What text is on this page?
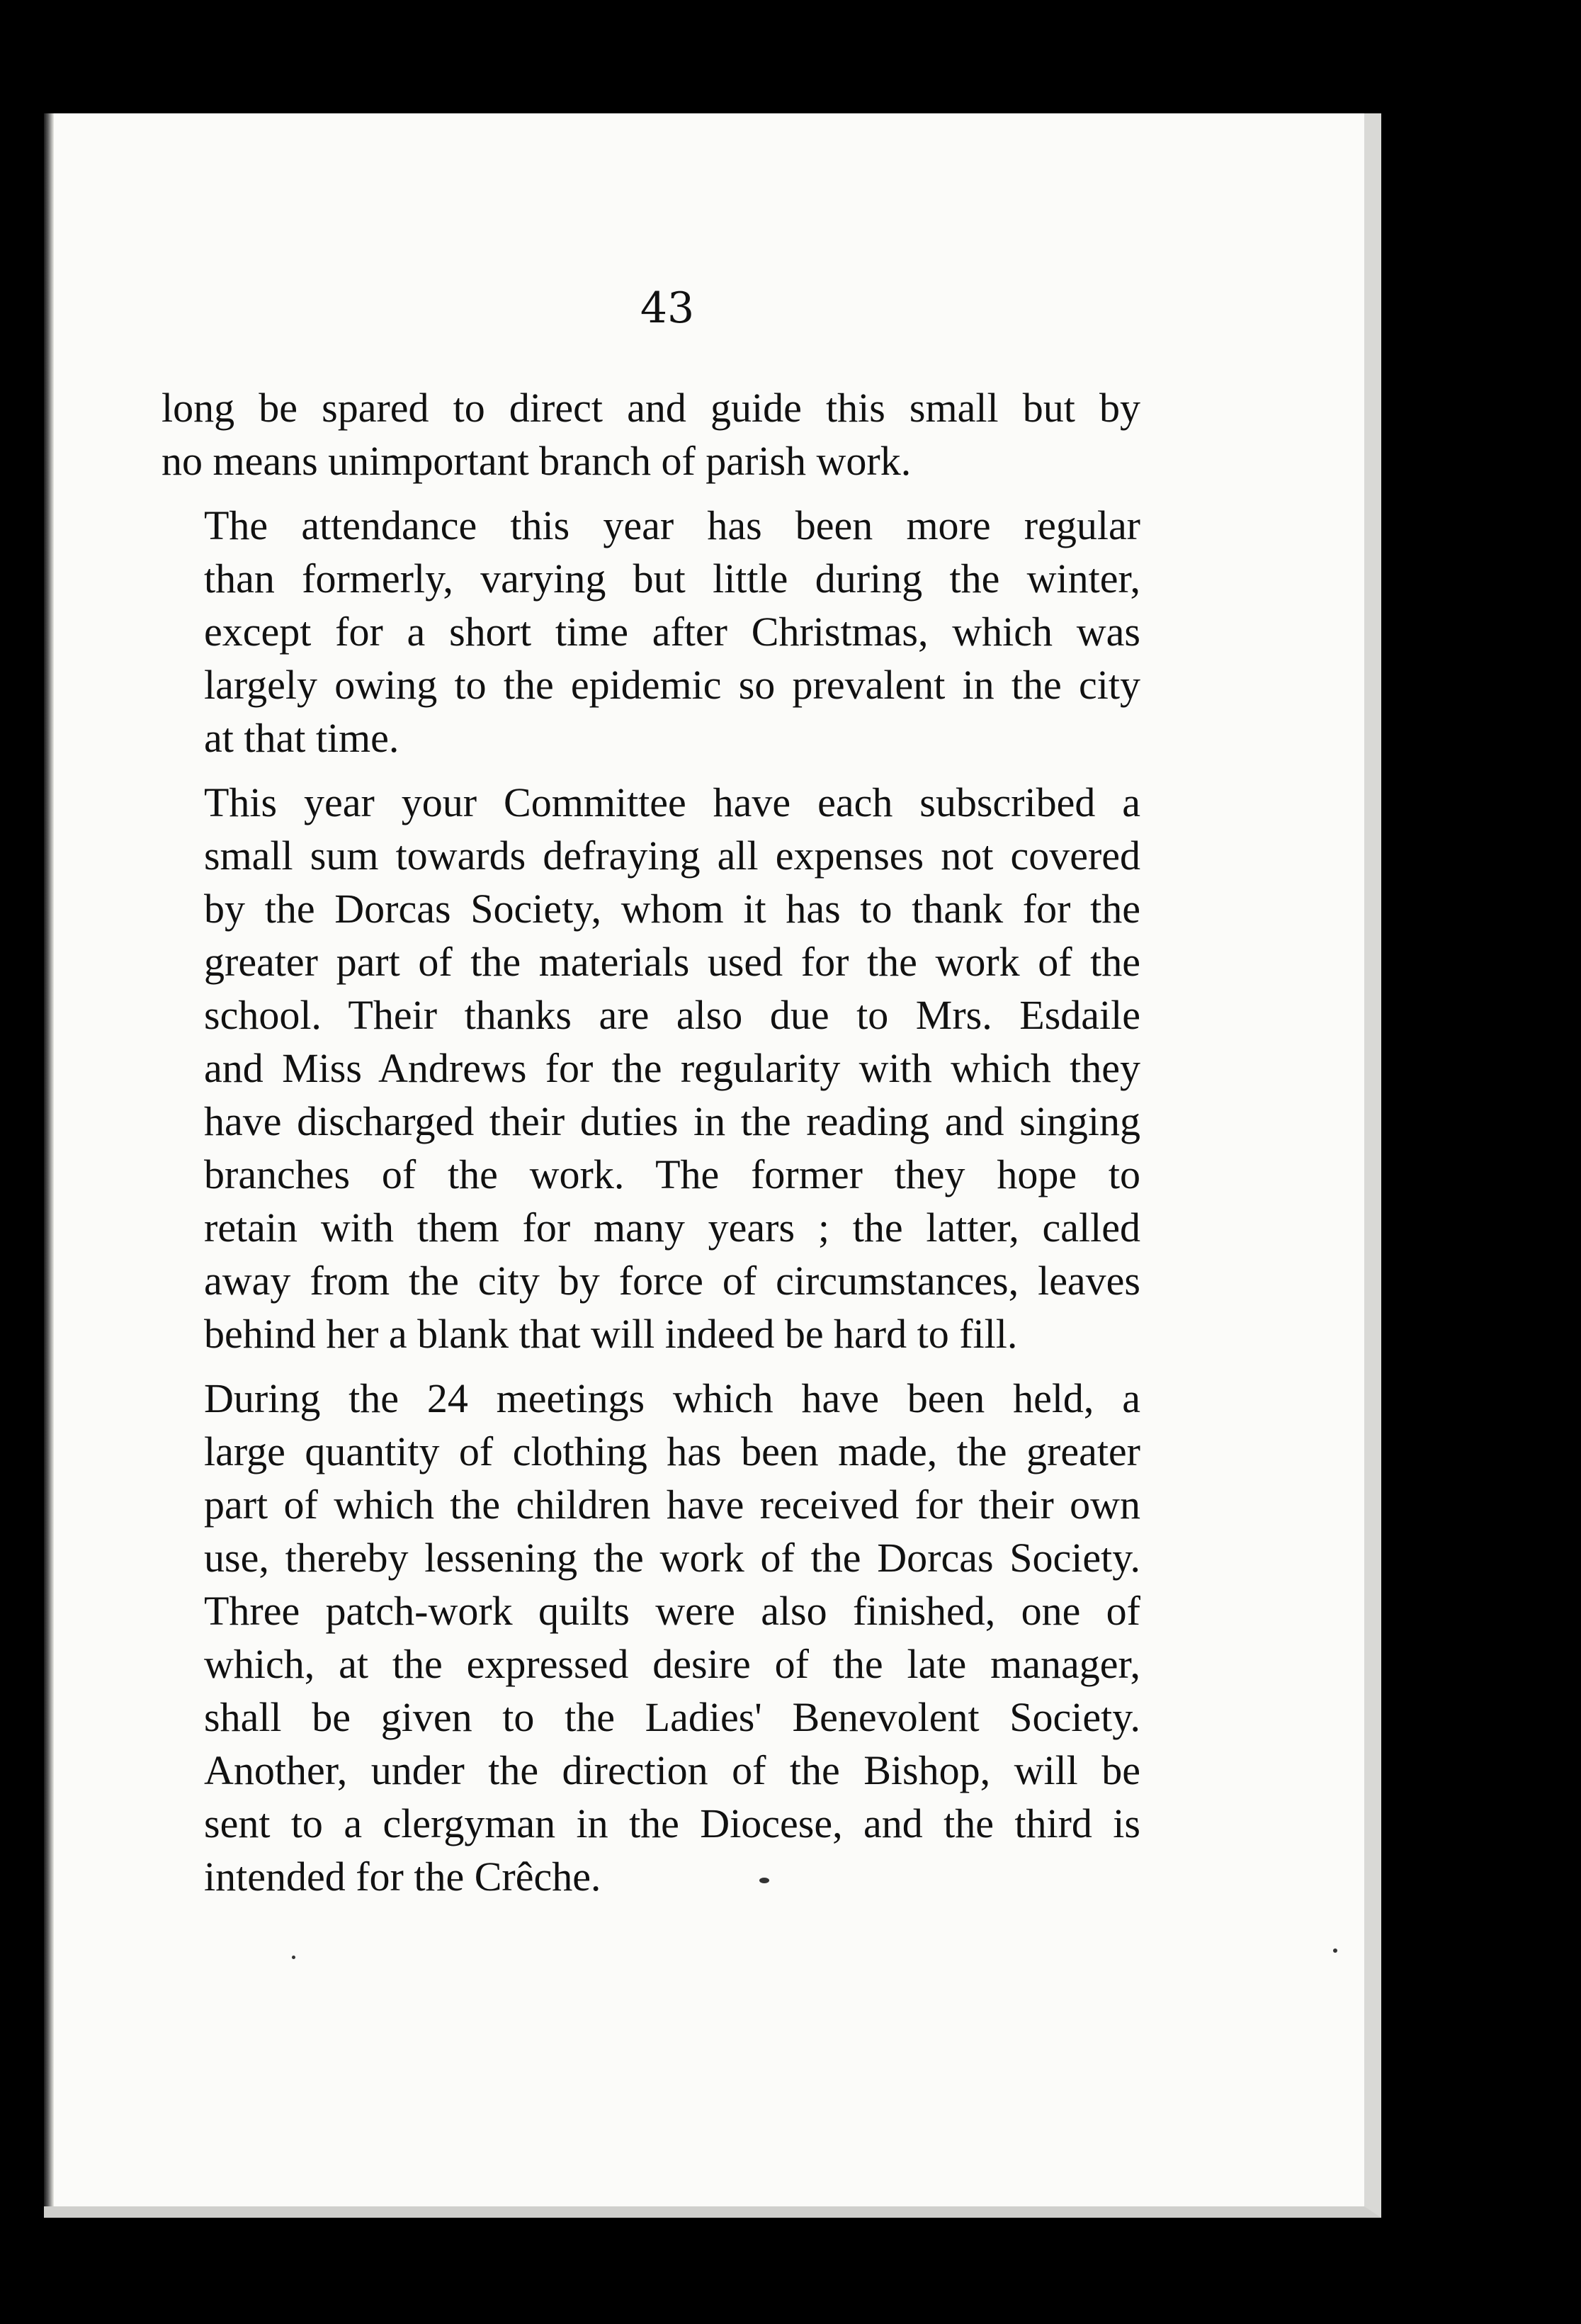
43

long be spared to direct and guide this small but by
no means unimportant branch of parish work.

The attendance this year has been more regular
than formerly, varying but little during the winter,
except for a short time after Christmas, which was
largely owing to the epidemic so prevalent in the city
at that time.

This year your Committee have each subscribed a
small sum towards defraying all expenses not covered
by the Dorcas Society, whom it has to thank for the
greater part of the materials used for the work of the
school. Their thanks are also due to Mrs. Esdaile
and Miss Andrews for the regularity with which they
have discharged their duties in the reading and singing
branches of the work. The former they hope to
retain with them for many years ; the latter, called
away from the city by force of circumstances, leaves
behind her a blank that will indeed be hard to fill.

During the 24 meetings which have been held, a
large quantity of clothing has been made, the greater
part of which the children have received for their own
use, thereby lessening the work of the Dorcas Society.
Three patch-work quilts were also finished, one of
which, at the expressed desire of the late manager,
shall be given to the Ladies' Benevolent Society.
Another, under the direction of the Bishop, will be
sent to a clergyman in the Diocese, and the third is
intended for the Crêche.
